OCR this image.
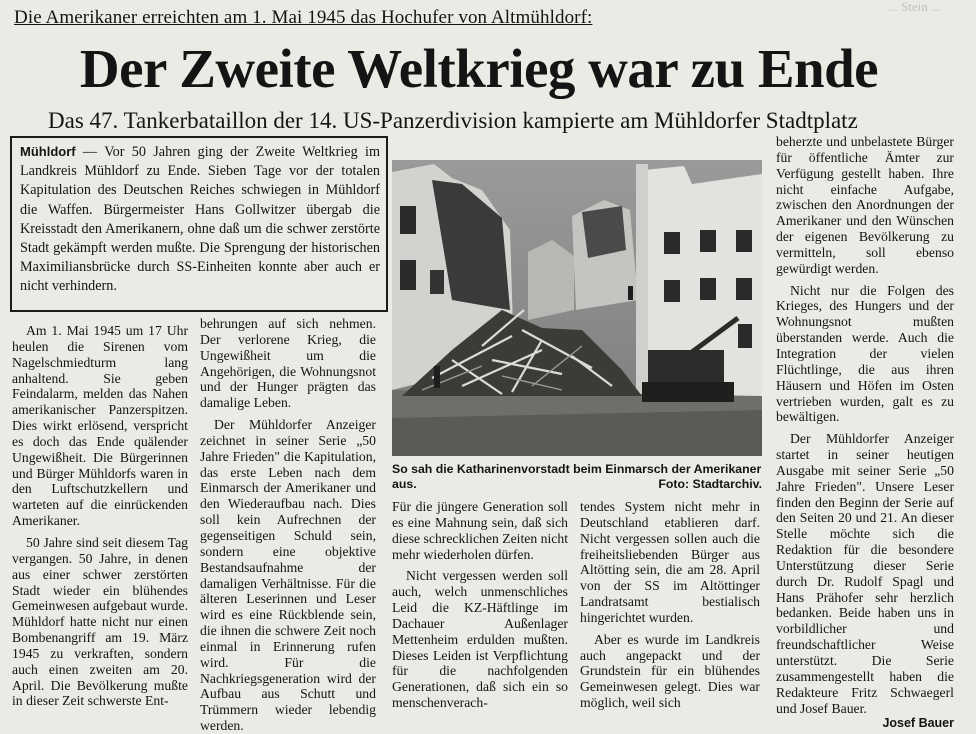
... Stein ...
Die Amerikaner erreichten am 1. Mai 1945 das Hochufer von Altmühldorf:
Der Zweite Weltkrieg war zu Ende
Das 47. Tankerbataillon der 14. US-Panzerdivision kampierte am Mühldorfer Stadtplatz
Mühldorf — Vor 50 Jahren ging der Zweite Weltkrieg im Landkreis Mühldorf zu Ende. Sieben Tage vor der totalen Kapitulation des Deutschen Reiches schwiegen in Mühldorf die Waffen. Bürgermeister Hans Gollwitzer übergab die Kreisstadt den Amerikanern, ohne daß um die schwer zerstörte Stadt gekämpft werden mußte. Die Sprengung der historischen Maximiliansbrücke durch SS-Einheiten konnte aber auch er nicht verhindern.

Am 1. Mai 1945 um 17 Uhr heulen die Sirenen vom Nagelschmiedturm lang anhaltend. Sie geben Feindalarm, melden das Nahen amerikanischer Panzerspitzen. Dies wirkt erlösend, verspricht es doch das Ende quälender Ungewißheit. Die Bürgerinnen und Bürger Mühldorfs waren in den Luftschutzkellern und warteten auf die einrückenden Amerikaner.

50 Jahre sind seit diesem Tag vergangen. 50 Jahre, in denen aus einer schwer zerstörten Stadt wieder ein blühendes Gemeinwesen aufgebaut wurde. Mühldorf hatte nicht nur einen Bombenangriff am 19. März 1945 zu verkraften, sondern auch einen zweiten am 20. April. Die Bevölkerung mußte in dieser Zeit schwerste Ent-

behrungen auf sich nehmen. Der verlorene Krieg, die Ungewißheit um die Angehörigen, die Wohnungsnot und der Hunger prägten das damalige Leben.

Der Mühldorfer Anzeiger zeichnet in seiner Serie „50 Jahre Frieden" die Kapitulation, das erste Leben nach dem Einmarsch der Amerikaner und den Wiederaufbau nach. Dies soll kein Aufrechnen der gegenseitigen Schuld sein, sondern eine objektive Bestandsaufnahme der damaligen Verhältnisse. Für die älteren Leserinnen und Leser wird es eine Rückblende sein, die ihnen die schwere Zeit noch einmal in Erinnerung rufen wird. Für die Nachkriegsgeneration wird der Aufbau aus Schutt und Trümmern wieder lebendig werden.

So sah die Katharinenvorstadt beim Einmarsch der Amerikaner aus.	Foto: Stadtarchiv.

Für die jüngere Generation soll es eine Mahnung sein, daß sich diese schrecklichen Zeiten nicht mehr wiederholen dürfen.

Nicht vergessen werden soll auch, welch unmenschliches Leid die KZ-Häftlinge im Dachauer Außenlager Mettenheim erdulden mußten. Dieses Leiden ist Verpflichtung für die nachfolgenden Generationen, daß sich ein so menschenverach-

tendes System nicht mehr in Deutschland etablieren darf. Nicht vergessen sollen auch die freiheitsliebenden Bürger aus Altötting sein, die am 28. April von der SS im Altöttinger Landratsamt bestialisch hingerichtet wurden.

Aber es wurde im Landkreis auch angepackt und der Grundstein für ein blühendes Gemeinwesen gelegt. Dies war möglich, weil sich

beherzte und unbelastete Bürger für öffentliche Ämter zur Verfügung gestellt haben. Ihre nicht einfache Aufgabe, zwischen den Anordnungen der Amerikaner und den Wünschen der eigenen Bevölkerung zu vermitteln, soll ebenso gewürdigt werden.

Nicht nur die Folgen des Krieges, des Hungers und der Wohnungsnot mußten überstanden werde. Auch die Integration der vielen Flüchtlinge, die aus ihren Häusern und Höfen im Osten vertrieben wurden, galt es zu bewältigen.

Der Mühldorfer Anzeiger startet in seiner heutigen Ausgabe mit seiner Serie „50 Jahre Frieden". Unsere Leser finden den Beginn der Serie auf den Seiten 20 und 21. An dieser Stelle möchte sich die Redaktion für die besondere Unterstützung dieser Serie durch Dr. Rudolf Spagl und Hans Prähofer sehr herzlich bedanken. Beide haben uns in vorbildlicher und freundschaftlicher Weise unterstützt. Die Serie zusammengestellt haben die Redakteure Fritz Schwaegerl und Josef Bauer.

Josef Bauer
